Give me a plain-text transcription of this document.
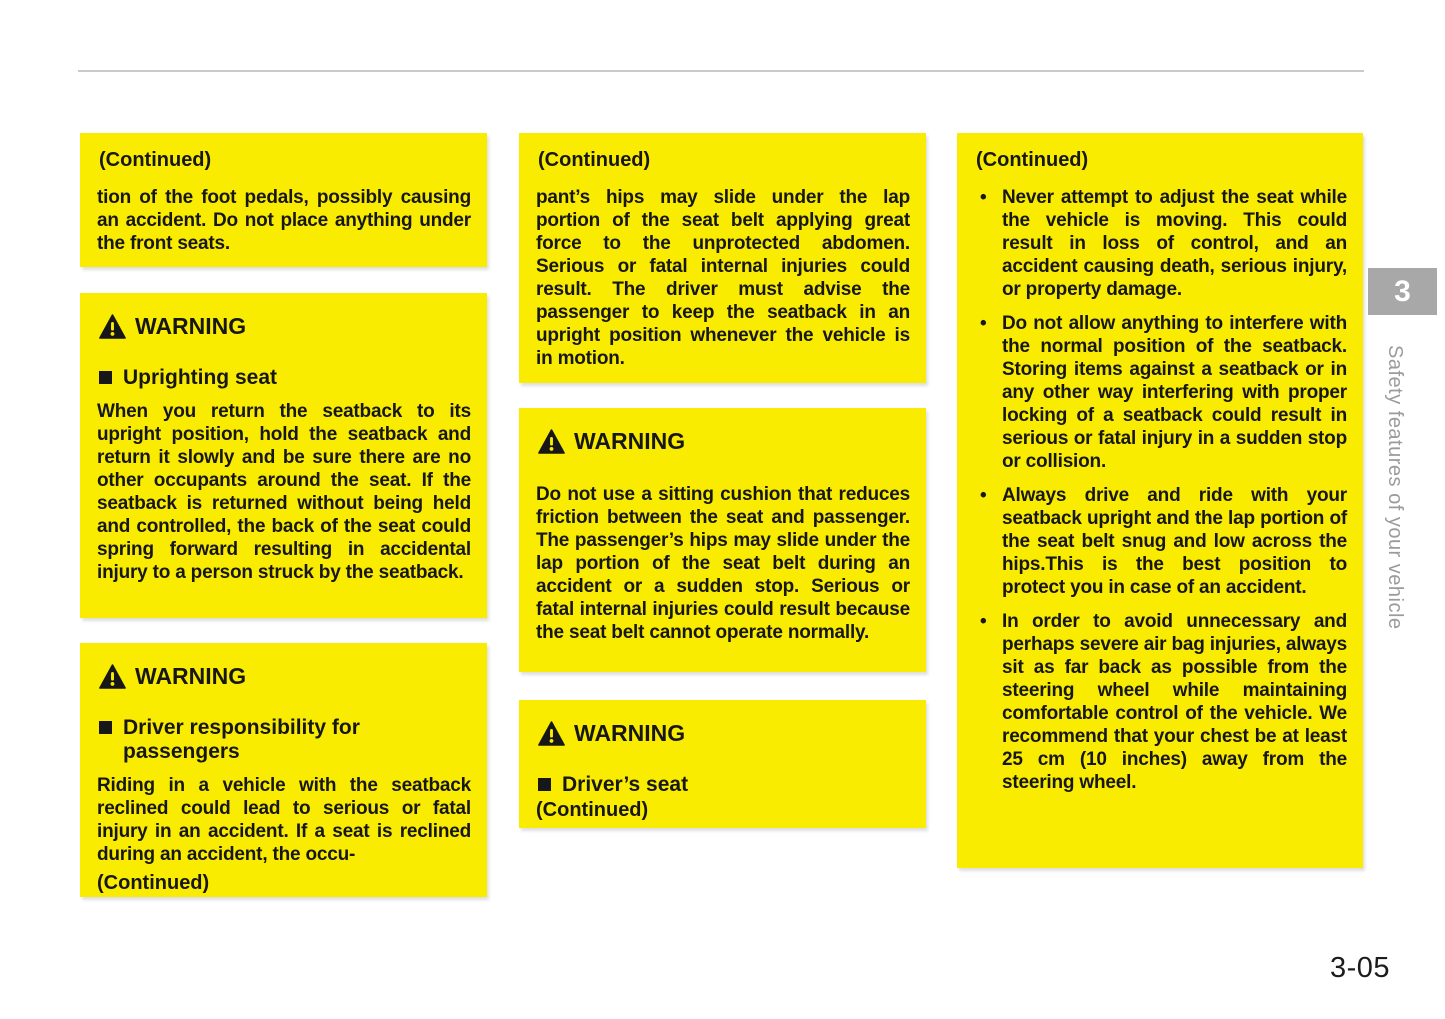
(Continued)

tion of the foot pedals, possibly causing an accident. Do not place anything under the front seats.

WARNING
Uprighting seat

When you return the seatback to its upright position, hold the seatback and return it slowly and be sure there are no other occupants around the seat. If the seatback is returned without being held and controlled, the back of the seat could spring forward resulting in accidental injury to a person struck by the seatback.

WARNING
Driver responsibility for passengers

Riding in a vehicle with the seatback reclined could lead to serious or fatal injury in an accident. If a seat is reclined during an accident, the occu-

(Continued)
(Continued)

pant’s hips may slide under the lap portion of the seat belt applying great force to the unprotected abdomen. Serious or fatal internal injuries could result. The driver must advise the passenger to keep the seatback in an upright position whenever the vehicle is in motion.

WARNING

Do not use a sitting cushion that reduces friction between the seat and passenger. The passenger’s hips may slide under the lap portion of the seat belt during an accident or a sudden stop. Serious or fatal internal injuries could result because the seat belt cannot operate normally.

WARNING
Driver’s seat
(Continued)
(Continued)
• Never attempt to adjust the seat while the vehicle is moving. This could result in loss of control, and an accident causing death, serious injury, or property damage.
• Do not allow anything to interfere with the normal position of the seatback. Storing items against a seatback or in any other way interfering with proper locking of a seatback could result in serious or fatal injury in a sudden stop or collision.
• Always drive and ride with your seatback upright and the lap portion of the seat belt snug and low across the hips.This is the best position to protect you in case of an accident.
• In order to avoid unnecessary and perhaps severe air bag injuries, always sit as far back as possible from the steering wheel while maintaining comfortable control of the vehicle. We recommend that your chest be at least 25 cm (10 inches) away from the steering wheel.
3
Safety features of your vehicle
3-05
